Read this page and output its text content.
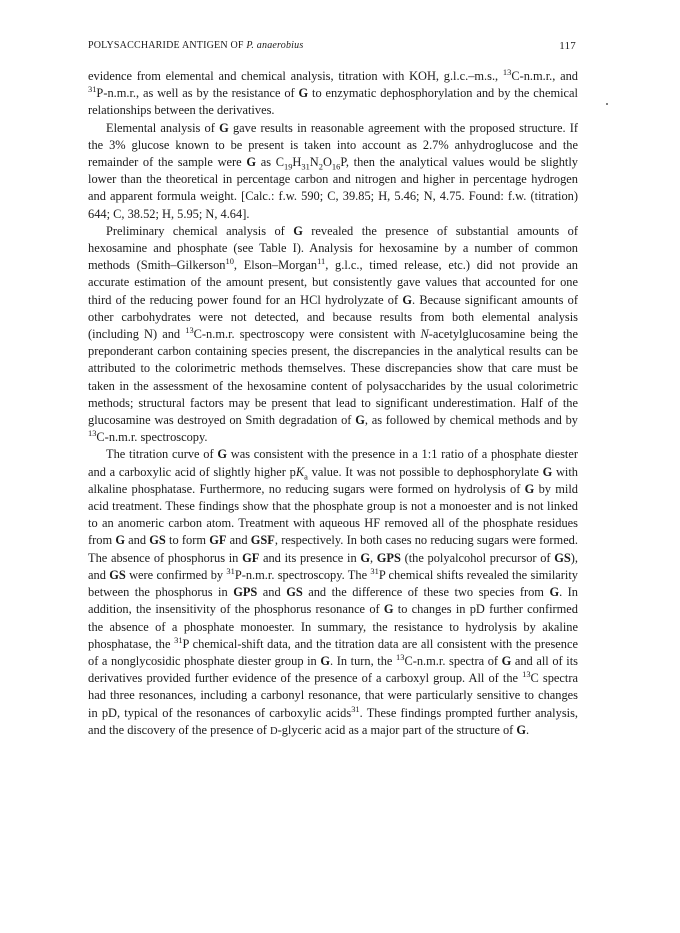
POLYSACCHARIDE ANTIGEN OF P. anaerobius	117

evidence from elemental and chemical analysis, titration with KOH, g.l.c.–m.s., $^{13}$C-n.m.r., and $^{31}$P-n.m.r., as well as by the resistance of G to enzymatic dephosphorylation and by the chemical relationships between the derivatives.

Elemental analysis of G gave results in reasonable agreement with the proposed structure. If the 3% glucose known to be present is taken into account as 2.7% anhydroglucose and the remainder of the sample were G as $C_{19}H_{31}N_2O_{16}P$, then the analytical values would be slightly lower than the theoretical in percentage carbon and nitrogen and higher in percentage hydrogen and apparent formula weight. [Calc.: f.w. 590; C, 39.85; H, 5.46; N, 4.75. Found: f.w. (titration) 644; C, 38.52; H, 5.95; N, 4.64].

Preliminary chemical analysis of G revealed the presence of substantial amounts of hexosamine and phosphate (see Table I). Analysis for hexosamine by a number of common methods (Smith–Gilkerson$^{10}$, Elson–Morgan$^{11}$, g.l.c., timed release, etc.) did not provide an accurate estimation of the amount present, but consistently gave values that accounted for one third of the reducing power found for an HCl hydrolyzate of G. Because significant amounts of other carbohydrates were not detected, and because results from both elemental analysis (including N) and $^{13}$C-n.m.r. spectroscopy were consistent with N-acetylglucosamine being the preponderant carbon containing species present, the discrepancies in the analytical results can be attributed to the colorimetric methods themselves. These discrepancies show that care must be taken in the assessment of the hexosamine content of polysaccharides by the usual colorimetric methods; structural factors may be present that lead to significant underestimation. Half of the glucosamine was destroyed on Smith degradation of G, as followed by chemical methods and by $^{13}$C-n.m.r. spectroscopy.

The titration curve of G was consistent with the presence in a 1:1 ratio of a phosphate diester and a carboxylic acid of slightly higher $pK_a$ value. It was not possible to dephosphorylate G with alkaline phosphatase. Furthermore, no reducing sugars were formed on hydrolysis of G by mild acid treatment. These findings show that the phosphate group is not a monoester and is not linked to an anomeric carbon atom. Treatment with aqueous HF removed all of the phosphate residues from G and GS to form GF and GSF, respectively. In both cases no reducing sugars were formed. The absence of phosphorus in GF and its presence in G, GPS (the polyalcohol precursor of GS), and GS were confirmed by $^{31}$P-n.m.r. spectroscopy. The $^{31}$P chemical shifts revealed the similarity between the phosphorus in GPS and GS and the difference of these two species from G. In addition, the insensitivity of the phosphorus resonance of G to changes in pD further confirmed the absence of a phosphate monoester. In summary, the resistance to hydrolysis by akaline phosphatase, the $^{31}$P chemical-shift data, and the titration data are all consistent with the presence of a nonglycosidic phosphate diester group in G. In turn, the $^{13}$C-n.m.r. spectra of G and all of its derivatives provided further evidence of the presence of a carboxyl group. All of the $^{13}$C spectra had three resonances, including a carbonyl resonance, that were particularly sensitive to changes in pD, typical of the resonances of carboxylic acids$^{31}$. These findings prompted further analysis, and the discovery of the presence of D-glyceric acid as a major part of the structure of G.
